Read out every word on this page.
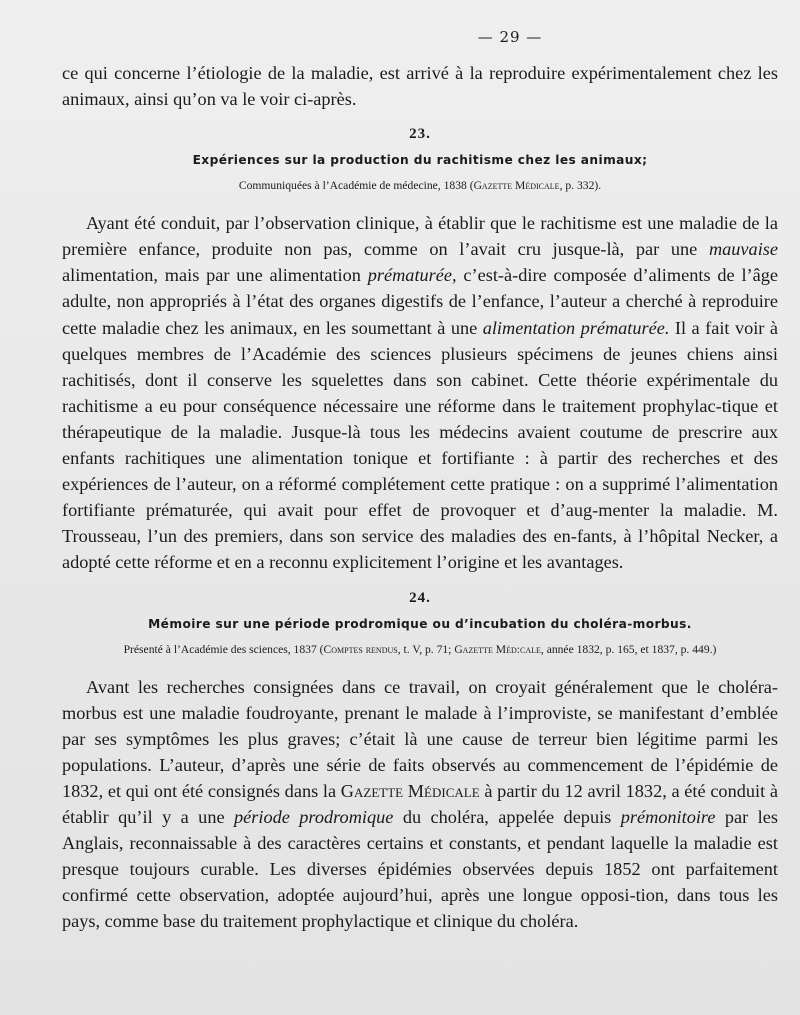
— 29 —

ce qui concerne l’étiologie de la maladie, est arrivé à la reproduire expérimentalement chez les animaux, ainsi qu’on va le voir ci-après.

23.
Expériences sur la production du rachitisme chez les animaux;
Communiquées à l’Académie de médecine, 1838 (Gazette Médicale, p. 332).

Ayant été conduit, par l’observation clinique, à établir que le rachitisme est une maladie de la première enfance, produite non pas, comme on l’avait cru jusque-là, par une mauvaise alimentation, mais par une alimentation prématurée, c’est-à-dire composée d’aliments de l’âge adulte, non appropriés à l’état des organes digestifs de l’enfance, l’auteur a cherché à reproduire cette maladie chez les animaux, en les soumettant à une alimentation prématurée. Il a fait voir à quelques membres de l’Académie des sciences plusieurs spécimens de jeunes chiens ainsi rachitisés, dont il conserve les squelettes dans son cabinet. Cette théorie expérimentale du rachitisme a eu pour conséquence nécessaire une réforme dans le traitement prophylac-tique et thérapeutique de la maladie. Jusque-là tous les médecins avaient coutume de prescrire aux enfants rachitiques une alimentation tonique et fortifiante : à partir des recherches et des expériences de l’auteur, on a réformé complétement cette pratique : on a supprimé l’alimentation fortifiante prématurée, qui avait pour effet de provoquer et d’aug-menter la maladie. M. Trousseau, l’un des premiers, dans son service des maladies des en-fants, à l’hôpital Necker, a adopté cette réforme et en a reconnu explicitement l’origine et les avantages.

24.
Mémoire sur une période prodromique ou d’incubation du choléra-morbus.
Présenté à l’Académie des sciences, 1837 (Comptes rendus, t. V, p. 71; Gazette Méd:cale, année 1832, p. 165, et 1837, p. 449.)

Avant les recherches consignées dans ce travail, on croyait généralement que le choléra-morbus est une maladie foudroyante, prenant le malade à l’improviste, se manifestant d’emblée par ses symptômes les plus graves; c’était là une cause de terreur bien légitime parmi les populations. L’auteur, d’après une série de faits observés au commencement de l’épidémie de 1832, et qui ont été consignés dans la Gazette Médicale à partir du 12 avril 1832, a été conduit à établir qu’il y a une période prodromique du choléra, appelée depuis prémonitoire par les Anglais, reconnaissable à des caractères certains et constants, et pendant laquelle la maladie est presque toujours curable. Les diverses épidémies observées depuis 1852 ont parfaitement confirmé cette observation, adoptée aujourd’hui, après une longue opposi-tion, dans tous les pays, comme base du traitement prophylactique et clinique du choléra.
